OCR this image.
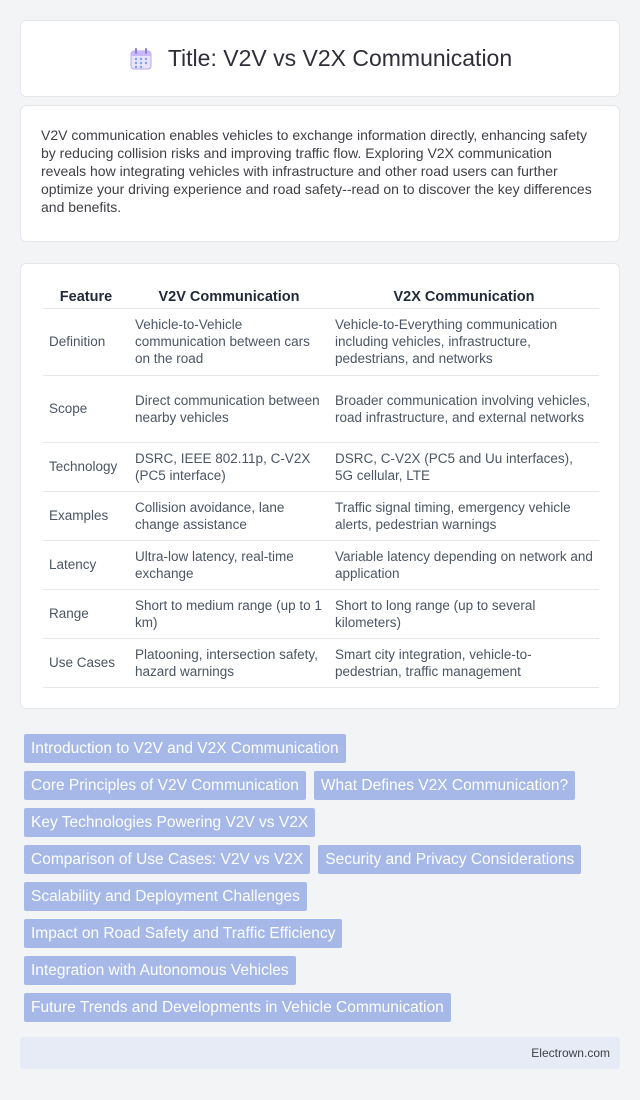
Title: V2V vs V2X Communication

V2V communication enables vehicles to exchange information directly, enhancing safety by reducing collision risks and improving traffic flow. Exploring V2X communication reveals how integrating vehicles with infrastructure and other road users can further optimize your driving experience and road safety--read on to discover the key differences and benefits.

Feature	V2V Communication	V2X Communication
Definition	Vehicle-to-Vehicle communication between cars on the road	Vehicle-to-Everything communication including vehicles, infrastructure, pedestrians, and networks
Scope	Direct communication between nearby vehicles	Broader communication involving vehicles, road infrastructure, and external networks
Technology	DSRC, IEEE 802.11p, C-V2X (PC5 interface)	DSRC, C-V2X (PC5 and Uu interfaces), 5G cellular, LTE
Examples	Collision avoidance, lane change assistance	Traffic signal timing, emergency vehicle alerts, pedestrian warnings
Latency	Ultra-low latency, real-time exchange	Variable latency depending on network and application
Range	Short to medium range (up to 1 km)	Short to long range (up to several kilometers)
Use Cases	Platooning, intersection safety, hazard warnings	Smart city integration, vehicle-to-pedestrian, traffic management
Introduction to V2V and V2X Communication
Core Principles of V2V Communication	What Defines V2X Communication?
Key Technologies Powering V2V vs V2X
Comparison of Use Cases: V2V vs V2X	Security and Privacy Considerations
Scalability and Deployment Challenges
Impact on Road Safety and Traffic Efficiency
Integration with Autonomous Vehicles
Future Trends and Developments in Vehicle Communication
Electrown.com
